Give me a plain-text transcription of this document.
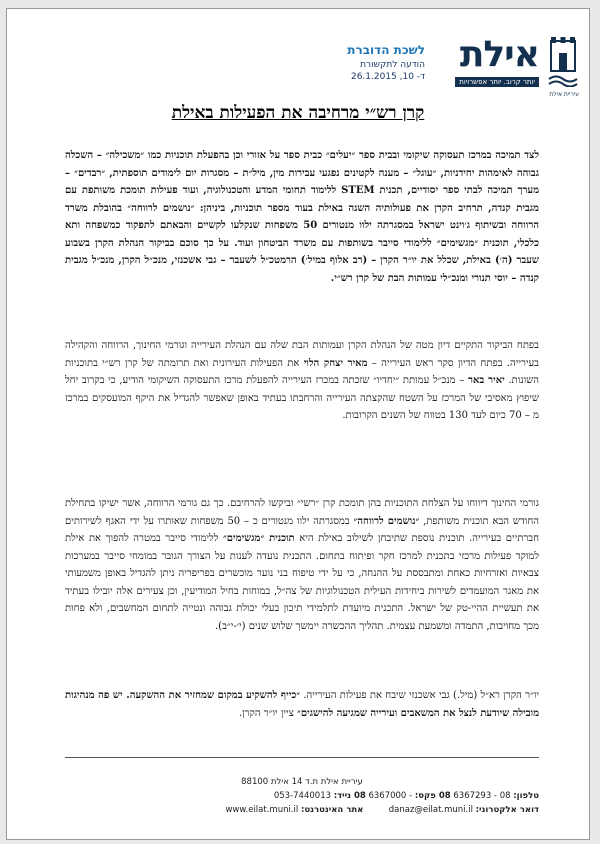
עיריית אילת
אילת
יותר קרוב. יותר אפשרויות
לשכת הדוברת
הודעה לתקשורת
ד- 10, 26.1.2015
קרן רש״י מרחיבה את הפעילות באילת
לצד תמיכה במרכז תעסוקה שיקומי ובבית ספר ״יעלים״ כבית ספר על אזורי וכן בהפעלת תוכניות כמו ״משכילה״ – השכלה גבוהה לאימהות יחידניות, ״עוגל״ – מענה לקטינים נפגעי עבירות מין, מיל״ת – מסגרות יום לימודים תוספתית, ״רבדים״ – מערך תמיכה לבתי ספר יסודיים, תכנית STEM ללימוד תחומי המדע והטכנולוגיה, ועוד פעילות תומכת משותפת עם מגבית קנדה, תרחיב הקרן את פעולותיה השנה באילת בעוד מספר תוכניות, ביניהן: ״נושמים לרווחה״ בהובלת משרד הרווחה ובשיתוף ג׳וינט ישראל במסגרתה ילוו מנטורים 50 משפחות שנקלעו לקשיים והבאתם לתפקוד כמשפחה ותא כלכלי, תוכנית ״מגשימים״ ללימודי סייבר בשותפות עם משרד הביטחון ועוד. על כך סוכם בביקור הנהלת הקרן בשבוע שעבר (ה׳) באילת, שכלל את יו״ר הקרן – (רב אלוף במיל׳) הרמטכ״ל לשעבר – גבי אשכנזי, מנכ״ל הקרן, מנכ״ל מגבית קנדה – יוסי תנורי ומנכ״לי עמותות הבת של קרן רש״י.
בפתח הביקור התקיים דיון מטה של הנהלת הקרן ועמותות הבת שלה עם הנהלת העירייה וגורמי החינוך, הרווחה והקהילה בעירייה. בפתח הדיון סקר ראש העירייה – מאיר יצחק הלוי את הפעילות העירונית ואת תרומתה של קרן רש״י בתוכניות השונות. יאיר באר – מנכ״ל עמותת ״יחדיו״ שזכתה במכרז העירייה להפעלת מרכז התעסוקה השיקומי הודיע, כי בקרוב יחל שיפוץ מאסיבי של המרכז על השטח שהקצתה העירייה והרחבתו בעתיד באופן שאפשר להגדיל את היקף המועסקים במרכז מ – 70 כיום לעד 130 בטווח של השנים הקרובות.
גורמי החינוך דיווחו על הצלחת התוכניות בהן תומכת קרן ״רשי״ וביקשו להרחיבם. כך גם גורמי הרווחה, אשר ישיקו בתחילת החודש הבא תוכנית משותפת, ״נושמים לרווחה״ במסגרתה ילוו מנטורים כ – 50 משפחות שאותרו על ידי האגף לשירותים חברתיים בעירייה. תוכנית נוספת שתיבחן לשילוב באילת היא תוכנית ״מגשימים״ ללימודי סייבר במטרה להפוך את אילת למוקד פעילות מרכזי בתכנית למרכז חקר ופיתוח בתחום. התכנית נועדה לענות על הצורך הגובר במומחי סייבר במערכות צבאיות ואזרחיות כאחת ומתבססת על ההנחה, כי על ידי טיפוח בני נוער מוכשרים בפריפריה ניתן להגדיל באופן משמעותי את מאגר המועמדים לשירות ביחידות העילית הטכנולוגיות של צה״ל, במוחות בחיל המודיעין, וכן צעירים אלה יובילו בעתיד את תעשיית ההיי-טק של ישראל. התכנית מיועדת לתלמידי תיכון בעלי יכולת גבוהה ונטייה לתחום המחשבים, ולא פחות מכך מחויבות, התמדה ומשמעת עצמית. תהליך ההכשרה יימשך שלוש שנים (י׳-י״ב).
יו״ר הקרן רא״ל (מיל.) גבי אשכנזי שיבח את פעילות העירייה. ״כייף להשקיע במקום שמחזיר את ההשקעה. יש פה מנהיגות מובילה שיודעת לנצל את המשאבים ועירייה שמגיעה להישגים״ ציין יו״ר הקרן.
עיריית אילת ת.ד 14 אילת 88100
טלפון: 08 - 6367293 08 פקס: - 6367000 08 נייד: 053-7440013
דואר אלקטרוני: danaz@eilat.muni.il  אתר האינטרנט: www.eilat.muni.il
